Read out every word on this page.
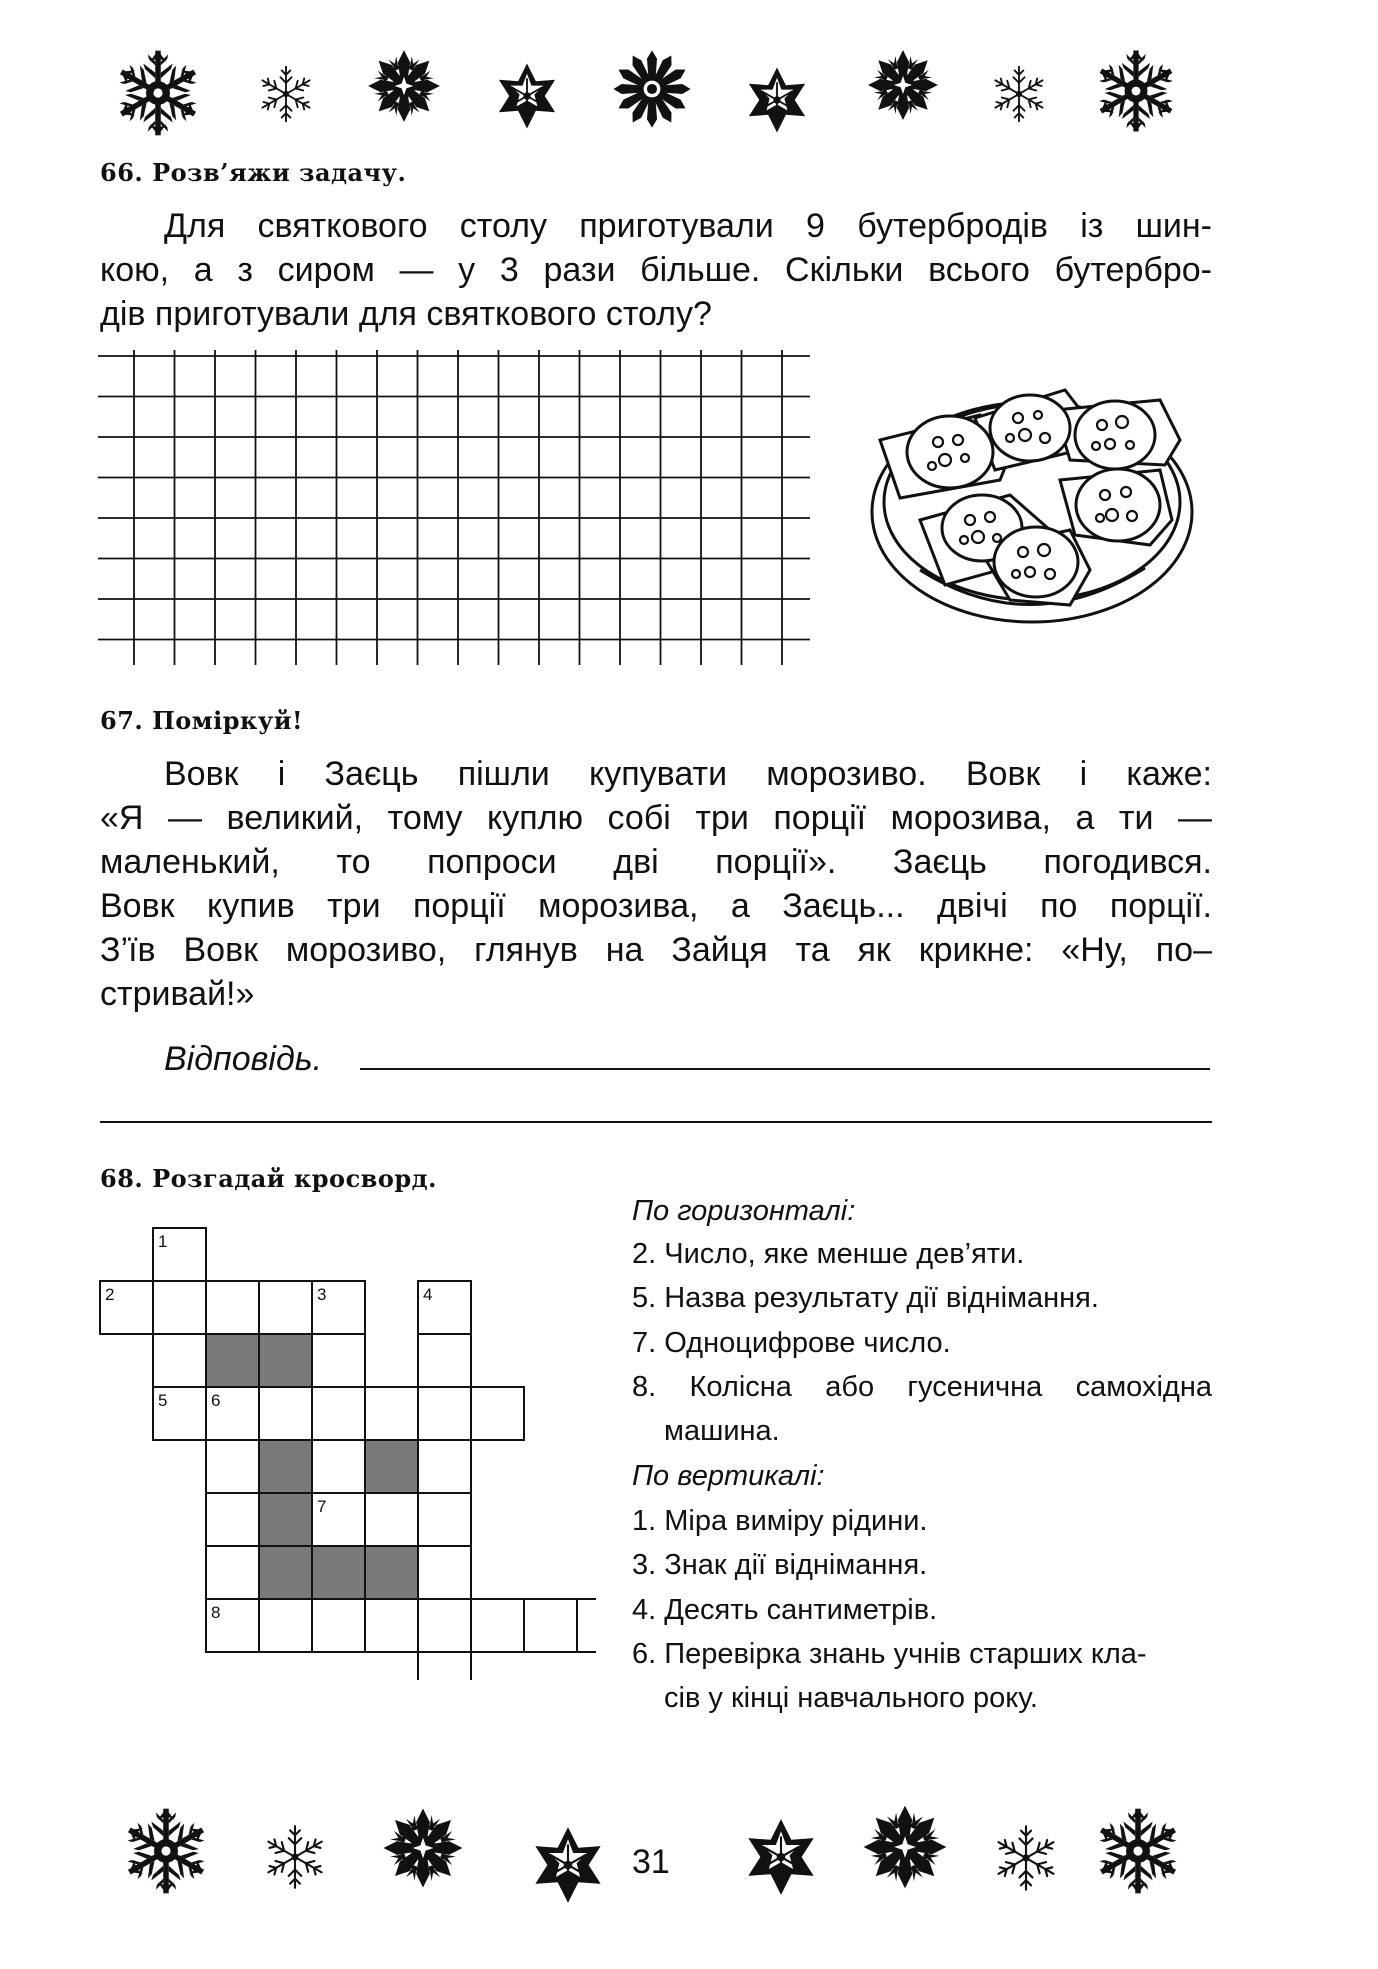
66. Розв’яжи задачу.
Для святкового столу приготували 9 бутербродів із шин-
кою, а з сиром — у 3 рази більше. Скільки всього бутербро-
дів приготували для святкового столу?
67. Поміркуй!
Вовк і Заєць пішли купувати морозиво. Вовк і каже:
«Я — великий, тому куплю собі три порції морозива, а ти —
маленький, то попроси дві порції». Заєць погодився.
Вовк купив три порції морозива, а Заєць... двічі по порції.
З’їв Вовк морозиво, глянув на Зайця та як крикне: «Ну, по–
стривай!»
Відповідь.
68. Розгадай кросворд.
1
2	3	4
5	6
7
8
По горизонталі:
2. Число, яке менше дев’яти.
5. Назва результату дії віднімання.
7. Одноцифрове число.
8. Колісна або гусенична самохідна
машина.
По вертикалі:
1. Міра виміру рідини.
3. Знак дії віднімання.
4. Десять сантиметрів.
6. Перевірка знань учнів старших кла-
сів у кінці навчального року.
31
